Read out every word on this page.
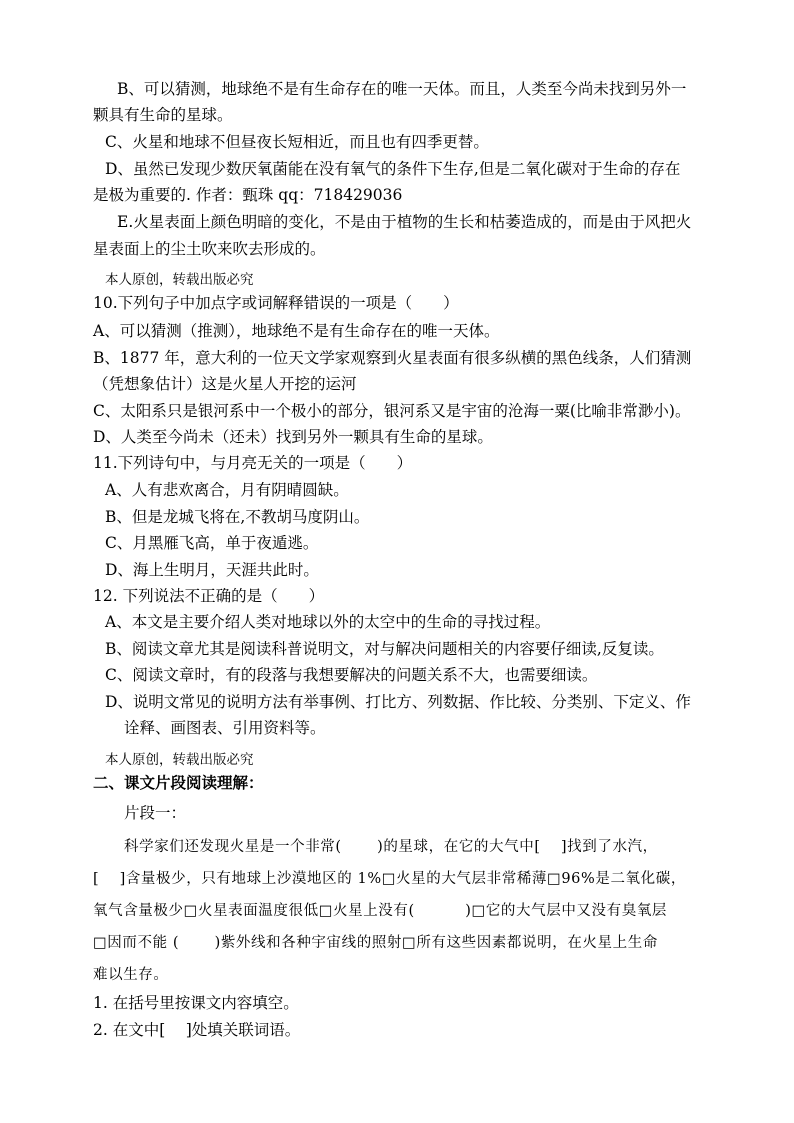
B、可以猜测，地球绝不是有生命存在的唯一天体。而且，人类至今尚未找到另外一
颗具有生命的星球。
C、火星和地球不但昼夜长短相近，而且也有四季更替。
D、虽然已发现少数厌氧菌能在没有氧气的条件下生存,但是二氧化碳对于生命的存在
是极为重要的. 作者：甄珠 qq：718429036
E.火星表面上颜色明暗的变化，不是由于植物的生长和枯萎造成的，而是由于风把火
星表面上的尘土吹来吹去形成的。
本人原创，转载出版必究
10.下列句子中加点字或词解释错误的一项是（　　）
A、可以猜测（推测），地球绝不是有生命存在的唯一天体。
B、1877 年，意大利的一位天文学家观察到火星表面有很多纵横的黑色线条，人们猜测
（凭想象估计）这是火星人开挖的运河
C、太阳系只是银河系中一个极小的部分，银河系又是宇宙的沧海一粟(比喻非常渺小)。
D、人类至今尚未（还未）找到另外一颗具有生命的星球。
11.下列诗句中，与月亮无关的一项是（　　）
A、人有悲欢离合，月有阴晴圆缺。
B、但是龙城飞将在,不教胡马度阴山。
C、月黑雁飞高，单于夜遁逃。
D、海上生明月，天涯共此时。
12. 下列说法不正确的是（　　）
A、本文是主要介绍人类对地球以外的太空中的生命的寻找过程。
B、阅读文章尤其是阅读科普说明文，对与解决问题相关的内容要仔细读,反复读。
C、阅读文章时，有的段落与我想要解决的问题关系不大，也需要细读。
D、说明文常见的说明方法有举事例、打比方、列数据、作比较、分类别、下定义、作
诠释、画图表、引用资料等。
本人原创，转载出版必究
二、课文片段阅读理解：
片段一：
科学家们还发现火星是一个非常(　　 )的星球，在它的大气中[　 ]找到了水汽，
[　 ]含量极少，只有地球上沙漠地区的 1%□火星的大气层非常稀薄□96%是二氧化碳，
氧气含量极少□火星表面温度很低□火星上没有(　　　 )□它的大气层中又没有臭氧层
□因而不能 (　　 )紫外线和各种宇宙线的照射□所有这些因素都说明，在火星上生命
难以生存。
1. 在括号里按课文内容填空。
2. 在文中[　 ]处填关联词语。
